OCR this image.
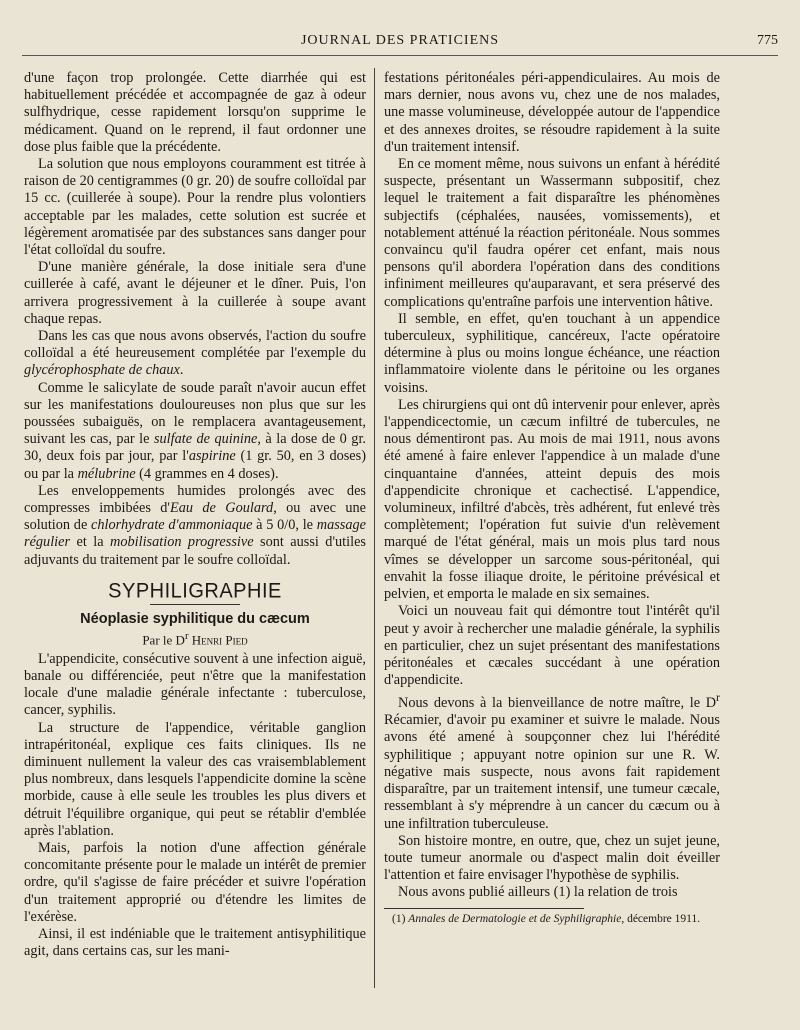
JOURNAL DES PRATICIENS	775

d'une façon trop prolongée. Cette diarrhée qui est habituellement précédée et accompagnée de gaz à odeur sulfhydrique, cesse rapidement lorsqu'on supprime le médicament. Quand on le reprend, il faut ordonner une dose plus faible que la précédente.

La solution que nous employons couramment est titrée à raison de 20 centigrammes (0 gr. 20) de soufre colloïdal par 15 cc. (cuillerée à soupe). Pour la rendre plus volontiers acceptable par les malades, cette solution est sucrée et légèrement aromatisée par des substances sans danger pour l'état colloïdal du soufre.

D'une manière générale, la dose initiale sera d'une cuillerée à café, avant le déjeuner et le dîner. Puis, l'on arrivera progressivement à la cuillerée à soupe avant chaque repas.

Dans les cas que nous avons observés, l'action du soufre colloïdal a été heureusement complétée par l'exemple du glycérophosphate de chaux.

Comme le salicylate de soude paraît n'avoir aucun effet sur les manifestations douloureuses non plus que sur les poussées subaiguës, on le remplacera avantageusement, suivant les cas, par le sulfate de quinine, à la dose de 0 gr. 30, deux fois par jour, par l'aspirine (1 gr. 50, en 3 doses) ou par la mélubrine (4 grammes en 4 doses).

Les enveloppements humides prolongés avec des compresses imbibées d'Eau de Goulard, ou avec une solution de chlorhydrate d'ammoniaque à 5 0/0, le massage régulier et la mobilisation progressive sont aussi d'utiles adjuvants du traitement par le soufre colloïdal.

SYPHILIGRAPHIE
Néoplasie syphilitique du cæcum
Par le $D^r$ Henri Pied

L'appendicite, consécutive souvent à une infection aiguë, banale ou différenciée, peut n'être que la manifestation locale d'une maladie générale infectante : tuberculose, cancer, syphilis.

La structure de l'appendice, véritable ganglion intrapéritonéal, explique ces faits cliniques. Ils ne diminuent nullement la valeur des cas vraisemblablement plus nombreux, dans lesquels l'appendicite domine la scène morbide, cause à elle seule les troubles les plus divers et détruit l'équilibre organique, qui peut se rétablir d'emblée après l'ablation.

Mais, parfois la notion d'une affection générale concomitante présente pour le malade un intérêt de premier ordre, qu'il s'agisse de faire précéder et suivre l'opération d'un traitement approprié ou d'étendre les limites de l'exérèse.

Ainsi, il est indéniable que le traitement antisyphilitique agit, dans certains cas, sur les mani-

festations péritonéales péri-appendiculaires. Au mois de mars dernier, nous avons vu, chez une de nos malades, une masse volumineuse, développée autour de l'appendice et des annexes droites, se résoudre rapidement à la suite d'un traitement intensif.

En ce moment même, nous suivons un enfant à hérédité suspecte, présentant un Wassermann subpositif, chez lequel le traitement a fait disparaître les phénomènes subjectifs (céphalées, nausées, vomissements), et notablement atténué la réaction péritonéale. Nous sommes convaincu qu'il faudra opérer cet enfant, mais nous pensons qu'il abordera l'opération dans des conditions infiniment meilleures qu'auparavant, et sera préservé des complications qu'entraîne parfois une intervention hâtive.

Il semble, en effet, qu'en touchant à un appendice tuberculeux, syphilitique, cancéreux, l'acte opératoire détermine à plus ou moins longue échéance, une réaction inflammatoire violente dans le péritoine ou les organes voisins.

Les chirurgiens qui ont dû intervenir pour enlever, après l'appendicectomie, un cæcum infiltré de tubercules, ne nous démentiront pas. Au mois de mai 1911, nous avons été amené à faire enlever l'appendice à un malade d'une cinquantaine d'années, atteint depuis des mois d'appendicite chronique et cachectisé. L'appendice, volumineux, infiltré d'abcès, très adhérent, fut enlevé très complètement; l'opération fut suivie d'un relèvement marqué de l'état général, mais un mois plus tard nous vîmes se développer un sarcome sous-péritonéal, qui envahit la fosse iliaque droite, le péritoine prévésical et pelvien, et emporta le malade en six semaines.

Voici un nouveau fait qui démontre tout l'intérêt qu'il peut y avoir à rechercher une maladie générale, la syphilis en particulier, chez un sujet présentant des manifestations péritonéales et cæcales succédant à une opération d'appendicite.

Nous devons à la bienveillance de notre maître, le $D^r$ Récamier, d'avoir pu examiner et suivre le malade. Nous avons été amené à soupçonner chez lui l'hérédité syphilitique ; appuyant notre opinion sur une R. W. négative mais suspecte, nous avons fait rapidement disparaître, par un traitement intensif, une tumeur cæcale, ressemblant à s'y méprendre à un cancer du cæcum ou à une infiltration tuberculeuse.

Son histoire montre, en outre, que, chez un sujet jeune, toute tumeur anormale ou d'aspect malin doit éveiller l'attention et faire envisager l'hypothèse de syphilis.

Nous avons publié ailleurs (1) la relation de trois

(1) Annales de Dermatologie et de Syphiligraphie, décembre 1911.
